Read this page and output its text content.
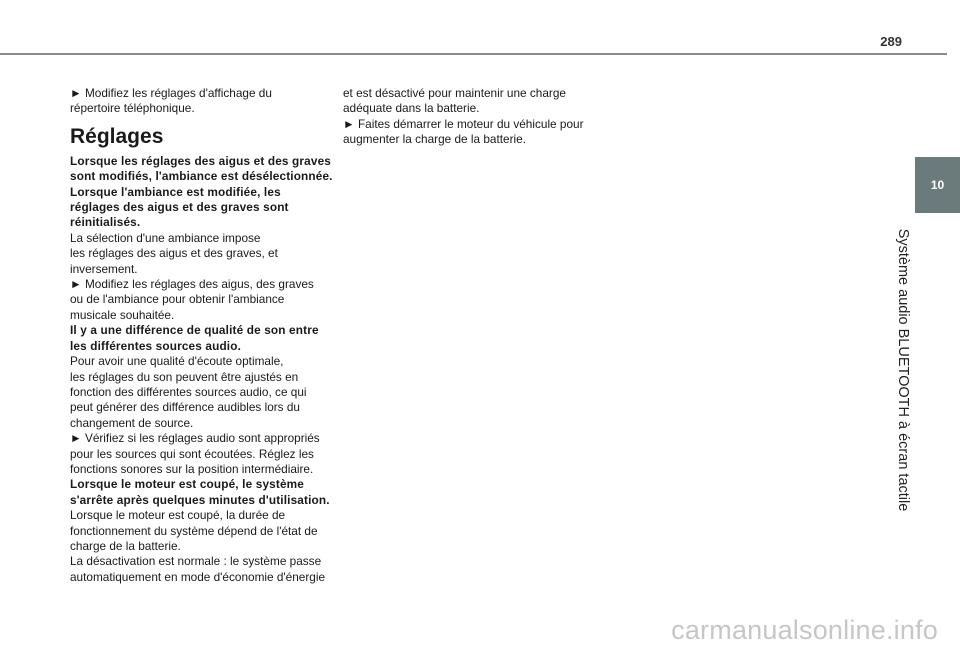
289
10
Système audio BLUETOOTH à écran tactile

► Modifiez les réglages d'affichage du

répertoire téléphonique.

Réglages

Lorsque les réglages des aigus et des graves

sont modifiés, l'ambiance est désélectionnée.

Lorsque l'ambiance est modifiée, les

réglages des aigus et des graves sont

réinitialisés.

La sélection d'une ambiance impose

les réglages des aigus et des graves, et

inversement.

► Modifiez les réglages des aigus, des graves

ou de l'ambiance pour obtenir l'ambiance

musicale souhaitée.

Il y a une différence de qualité de son entre

les différentes sources audio.

Pour avoir une qualité d'écoute optimale,

les réglages du son peuvent être ajustés en

fonction des différentes sources audio, ce qui

peut générer des différence audibles lors du

changement de source.

► Vérifiez si les réglages audio sont appropriés

pour les sources qui sont écoutées. Réglez les

fonctions sonores sur la position intermédiaire.

Lorsque le moteur est coupé, le système

s'arrête après quelques minutes d'utilisation.

Lorsque le moteur est coupé, la durée de

fonctionnement du système dépend de l'état de

charge de la batterie.

La désactivation est normale : le système passe

automatiquement en mode d'économie d'énergie

et est désactivé pour maintenir une charge

adéquate dans la batterie.

► Faites démarrer le moteur du véhicule pour

augmenter la charge de la batterie.

carmanualsonline.info
